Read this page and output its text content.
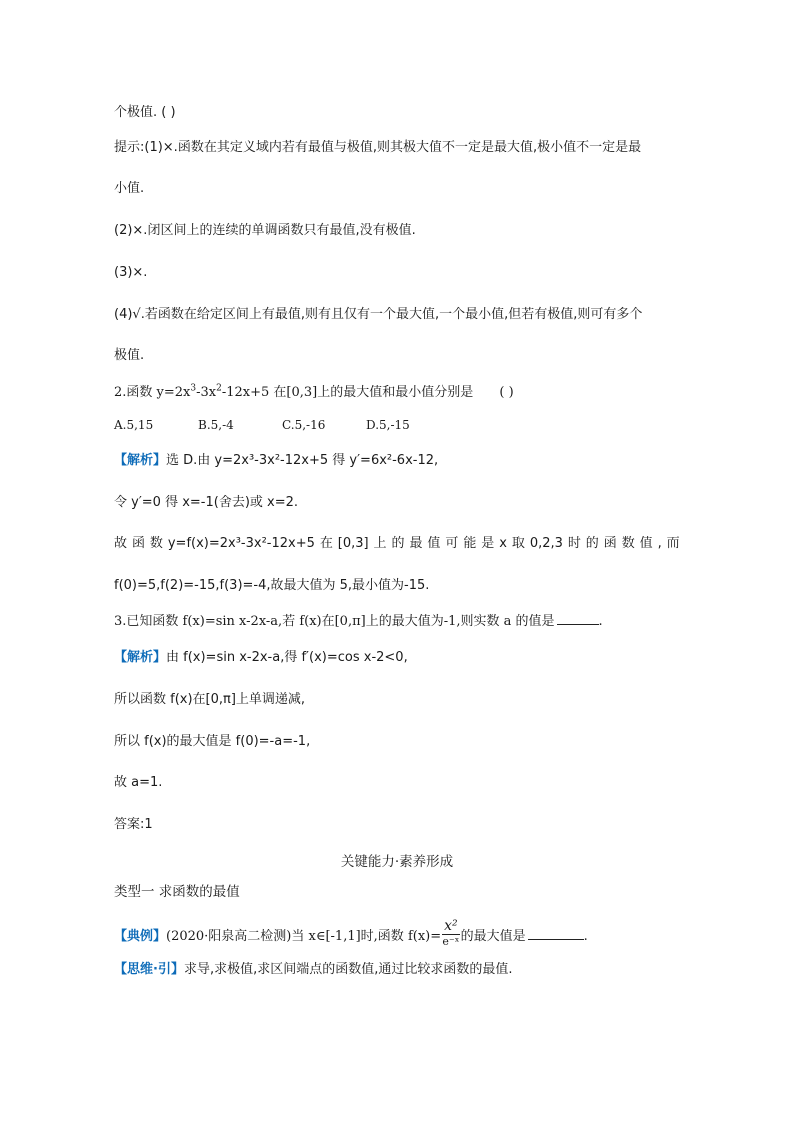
个极值. ( )
提示:(1)×.函数在其定义域内若有最值与极值,则其极大值不一定是最大值,极小值不一定是最
小值.
(2)×.闭区间上的连续的单调函数只有最值,没有极值.
(3)×.
(4)√.若函数在给定区间上有最值,则有且仅有一个最大值,一个最小值,但若有极值,则可有多个
极值.
2.函数 $y=2x^3-3x^2-12x+5$ 在[0,3]上的最大值和最小值分别是 ( )
A.5,15	B.5,-4	C.5,-16	D.5,-15
【解析】选 D.由 y=2x³-3x²-12x+5 得 y′=6x²-6x-12,
令 y′=0 得 x=-1(舍去)或 x=2.
故 函 数 y=f(x)=2x³-3x²-12x+5 在 [0,3] 上 的 最 值 可 能 是 x 取 0,2,3 时 的 函 数 值 , 而
f(0)=5,f(2)=-15,f(3)=-4,故最大值为 5,最小值为-15.
3.已知函数 f(x)=sin x-2x-a,若 f(x)在[0,π]上的最大值为-1,则实数 a 的值是	.
【解析】由 f(x)=sin x-2x-a,得 f′(x)=cos x-2<0,
所以函数 f(x)在[0,π]上单调递减,
所以 f(x)的最大值是 f(0)=-a=-1,
故 a=1.
答案:1
关键能力·素养形成
类型一 求函数的最值
【典例】(2020·阳泉高二检测)当 x∈[-1,1]时,函数 $f(x)= \frac{\text{x²}}{\text{e⁻ˣ}}$ 的最大值是	.
【思维·引】求导,求极值,求区间端点的函数值,通过比较求函数的最值.
